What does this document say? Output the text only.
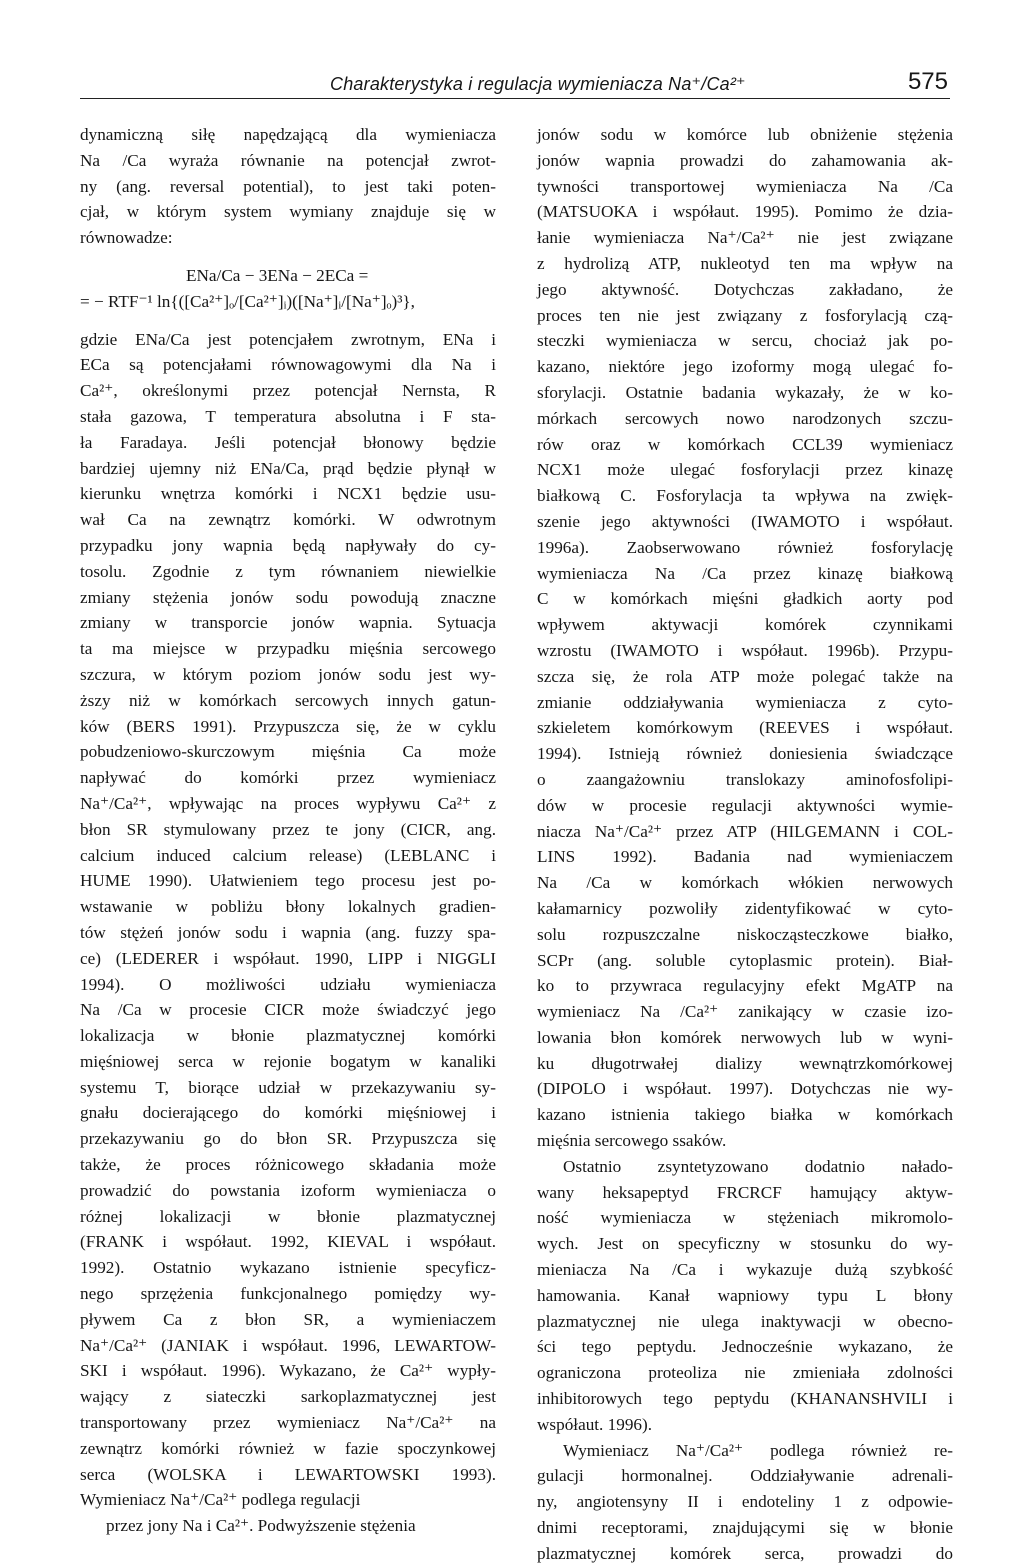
Charakterystyka i regulacja wymieniacza Na⁺/Ca²⁺	575
dynamiczną siłę napędzającą dla wymieniacza
Na /Ca wyraża równanie na potencjał zwrot-
ny (ang. reversal potential), to jest taki poten-
cjał, w którym system wymiany znajduje się w
równowadze:
ENa/Ca − 3ENa − 2ECa =
= − RTF⁻¹ ln{([Ca²⁺]ₒ/[Ca²⁺]ᵢ)([Na⁺]ᵢ/[Na⁺]ₒ)³},
gdzie ENa/Ca jest potencjałem zwrotnym, ENa i
ECa są potencjałami równowagowymi dla Na i
Ca²⁺, określonymi przez potencjał Nernsta, R
stała gazowa, T temperatura absolutna i F sta-
ła Faradaya. Jeśli potencjał błonowy będzie
bardziej ujemny niż ENa/Ca, prąd będzie płynął w
kierunku wnętrza komórki i NCX1 będzie usu-
wał Ca na zewnątrz komórki. W odwrotnym
przypadku jony wapnia będą napływały do cy-
tosolu. Zgodnie z tym równaniem niewielkie
zmiany stężenia jonów sodu powodują znaczne
zmiany w transporcie jonów wapnia. Sytuacja
ta ma miejsce w przypadku mięśnia sercowego
szczura, w którym poziom jonów sodu jest wy-
ższy niż w komórkach sercowych innych gatun-
ków (BERS 1991). Przypuszcza się, że w cyklu
pobudzeniowo-skurczowym mięśnia Ca może
napływać do komórki przez wymieniacz
Na⁺/Ca²⁺, wpływając na proces wypływu Ca²⁺ z
błon SR stymulowany przez te jony (CICR, ang.
calcium induced calcium release) (LEBLANC i
HUME 1990). Ułatwieniem tego procesu jest po-
wstawanie w pobliżu błony lokalnych gradien-
tów stężeń jonów sodu i wapnia (ang. fuzzy spa-
ce) (LEDERER i współaut. 1990, LIPP i NIGGLI
1994). O możliwości udziału wymieniacza
Na /Ca w procesie CICR może świadczyć jego
lokalizacja w błonie plazmatycznej komórki
mięśniowej serca w rejonie bogatym w kanaliki
systemu T, biorące udział w przekazywaniu sy-
gnału docierającego do komórki mięśniowej i
przekazywaniu go do błon SR. Przypuszcza się
także, że proces różnicowego składania może
prowadzić do powstania izoform wymieniacza o
różnej lokalizacji w błonie plazmatycznej
(FRANK i współaut. 1992, KIEVAL i współaut.
1992). Ostatnio wykazano istnienie specyficz-
nego sprzężenia funkcjonalnego pomiędzy wy-
pływem Ca z błon SR, a wymieniaczem
Na⁺/Ca²⁺ (JANIAK i współaut. 1996, LEWARTOW-
SKI i współaut. 1996). Wykazano, że Ca²⁺ wypły-
wający z siateczki sarkoplazmatycznej jest
transportowany przez wymieniacz Na⁺/Ca²⁺ na
zewnątrz komórki również w fazie spoczynkowej
serca (WOLSKA i LEWARTOWSKI 1993).
Wymieniacz Na⁺/Ca²⁺ podlega regulacji
przez jony Na i Ca²⁺. Podwyższenie stężenia
jonów sodu w komórce lub obniżenie stężenia
jonów wapnia prowadzi do zahamowania ak-
tywności transportowej wymieniacza Na /Ca
(MATSUOKA i współaut. 1995). Pomimo że dzia-
łanie wymieniacza Na⁺/Ca²⁺ nie jest związane
z hydrolizą ATP, nukleotyd ten ma wpływ na
jego aktywność. Dotychczas zakładano, że
proces ten nie jest związany z fosforylacją czą-
steczki wymieniacza w sercu, chociaż jak po-
kazano, niektóre jego izoformy mogą ulegać fo-
sforylacji. Ostatnie badania wykazały, że w ko-
mórkach sercowych nowo narodzonych szczu-
rów oraz w komórkach CCL39 wymieniacz
NCX1 może ulegać fosforylacji przez kinazę
białkową C. Fosforylacja ta wpływa na zwięk-
szenie jego aktywności (IWAMOTO i współaut.
1996a). Zaobserwowano również fosforylację
wymieniacza Na /Ca przez kinazę białkową
C w komórkach mięśni gładkich aorty pod
wpływem aktywacji komórek czynnikami
wzrostu (IWAMOTO i współaut. 1996b). Przypu-
szcza się, że rola ATP może polegać także na
zmianie oddziaływania wymieniacza z cyto-
szkieletem komórkowym (REEVES i współaut.
1994). Istnieją również doniesienia świadczące
o zaangażowniu translokazy aminofosfolipi-
dów w procesie regulacji aktywności wymie-
niacza Na⁺/Ca²⁺ przez ATP (HILGEMANN i COL-
LINS 1992). Badania nad wymieniaczem
Na /Ca w komórkach włókien nerwowych
kałamarnicy pozwoliły zidentyfikować w cyto-
solu rozpuszczalne niskocząsteczkowe białko,
SCPr (ang. soluble cytoplasmic protein). Biał-
ko to przywraca regulacyjny efekt MgATP na
wymieniacz Na /Ca²⁺ zanikający w czasie izo-
lowania błon komórek nerwowych lub w wyni-
ku długotrwałej dializy wewnątrzkomórkowej
(DIPOLO i współaut. 1997). Dotychczas nie wy-
kazano istnienia takiego białka w komórkach
mięśnia sercowego ssaków.
Ostatnio zsyntetyzowano dodatnio nałado-
wany heksapeptyd FRCRCF hamujący aktyw-
ność wymieniacza w stężeniach mikromolo-
wych. Jest on specyficzny w stosunku do wy-
mieniacza Na /Ca i wykazuje dużą szybkość
hamowania. Kanał wapniowy typu L błony
plazmatycznej nie ulega inaktywacji w obecno-
ści tego peptydu. Jednocześnie wykazano, że
ograniczona proteoliza nie zmieniała zdolności
inhibitorowych tego peptydu (KHANANSHVILI i
współaut. 1996).
Wymieniacz Na⁺/Ca²⁺ podlega również re-
gulacji hormonalnej. Oddziaływanie adrenali-
ny, angiotensyny II i endoteliny 1 z odpowie-
dnimi receptorami, znajdującymi się w błonie
plazmatycznej komórek serca, prowadzi do
